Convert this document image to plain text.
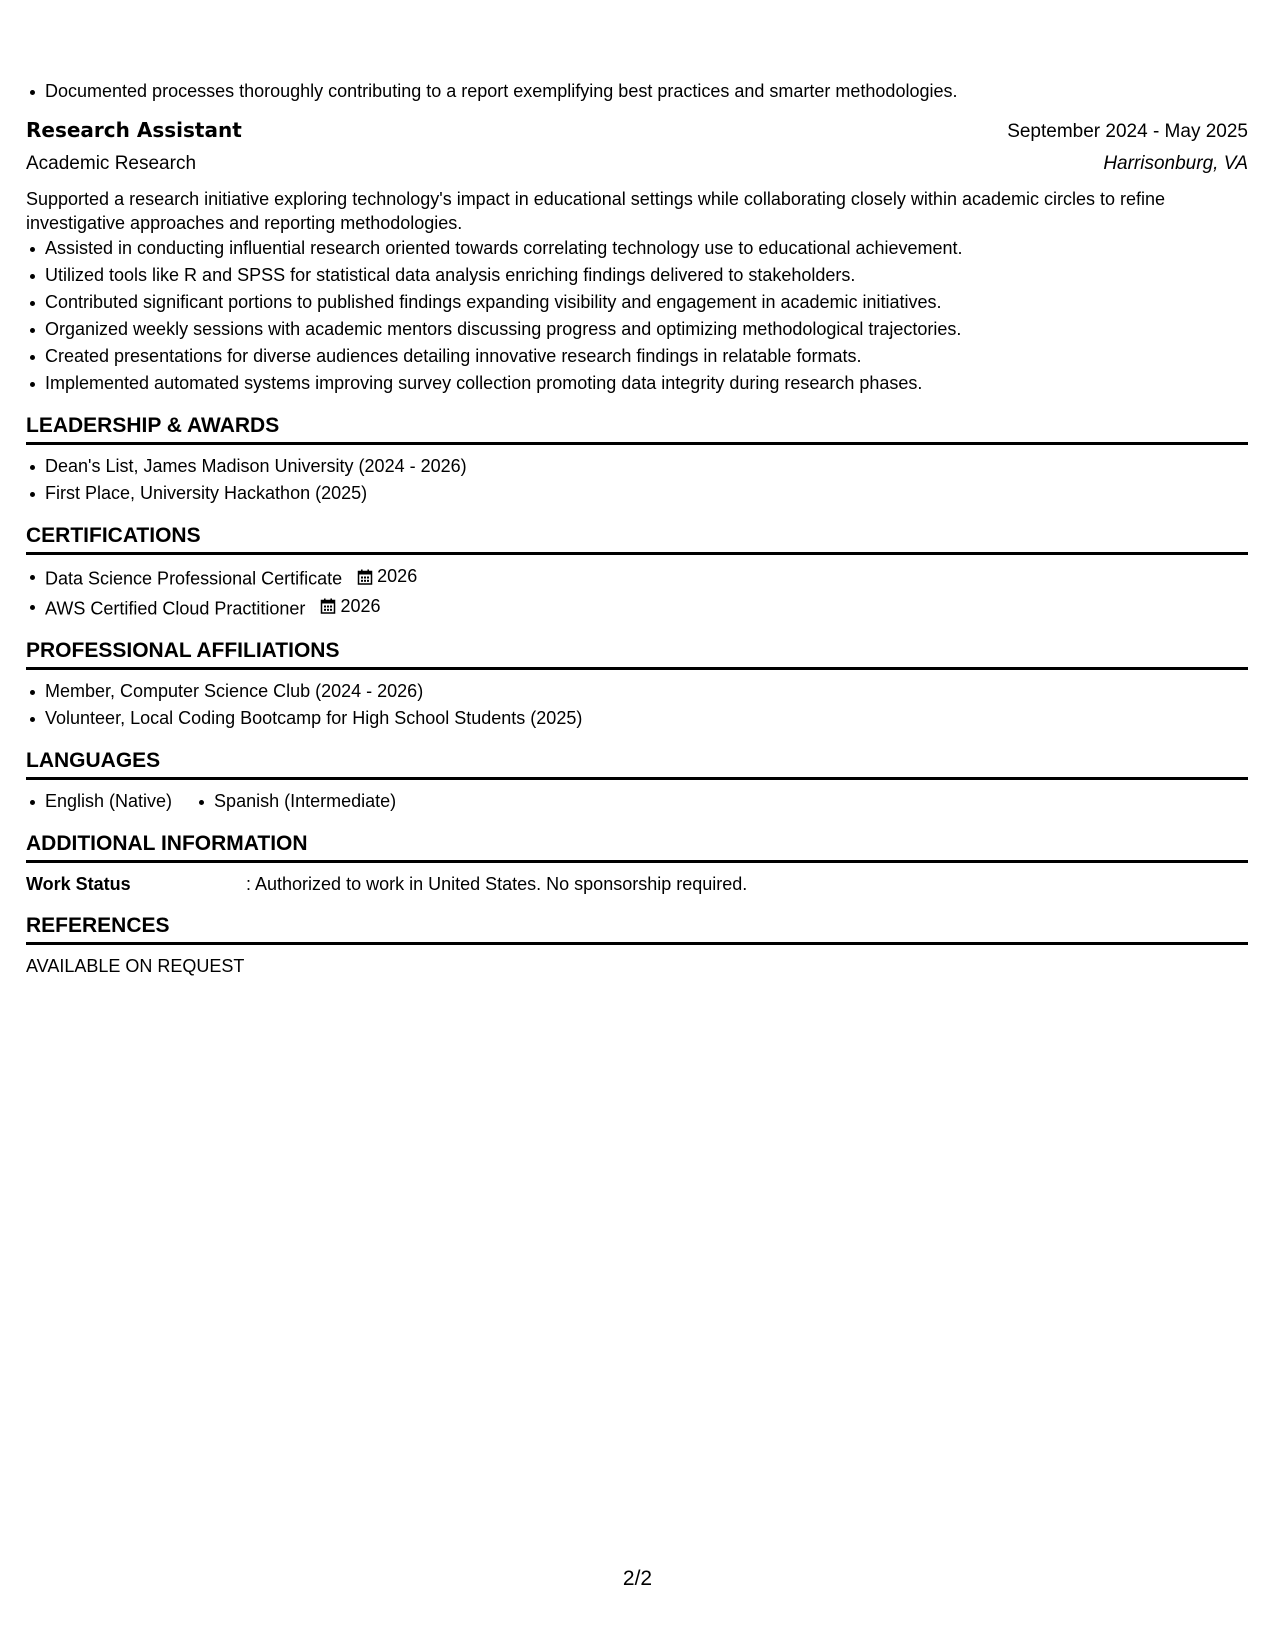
Documented processes thoroughly contributing to a report exemplifying best practices and smarter methodologies.
Research Assistant	September 2024 - May 2025
Academic Research	Harrisonburg, VA
Supported a research initiative exploring technology's impact in educational settings while collaborating closely within academic circles to refine investigative approaches and reporting methodologies.
Assisted in conducting influential research oriented towards correlating technology use to educational achievement.
Utilized tools like R and SPSS for statistical data analysis enriching findings delivered to stakeholders.
Contributed significant portions to published findings expanding visibility and engagement in academic initiatives.
Organized weekly sessions with academic mentors discussing progress and optimizing methodological trajectories.
Created presentations for diverse audiences detailing innovative research findings in relatable formats.
Implemented automated systems improving survey collection promoting data integrity during research phases.
LEADERSHIP & AWARDS
Dean's List, James Madison University (2024 - 2026)
First Place, University Hackathon (2025)
CERTIFICATIONS
Data Science Professional Certificate 2026
AWS Certified Cloud Practitioner 2026
PROFESSIONAL AFFILIATIONS
Member, Computer Science Club (2024 - 2026)
Volunteer, Local Coding Bootcamp for High School Students (2025)
LANGUAGES
English (Native) Spanish (Intermediate)
ADDITIONAL INFORMATION
Work Status	: Authorized to work in United States. No sponsorship required.
REFERENCES
AVAILABLE ON REQUEST
2/2
